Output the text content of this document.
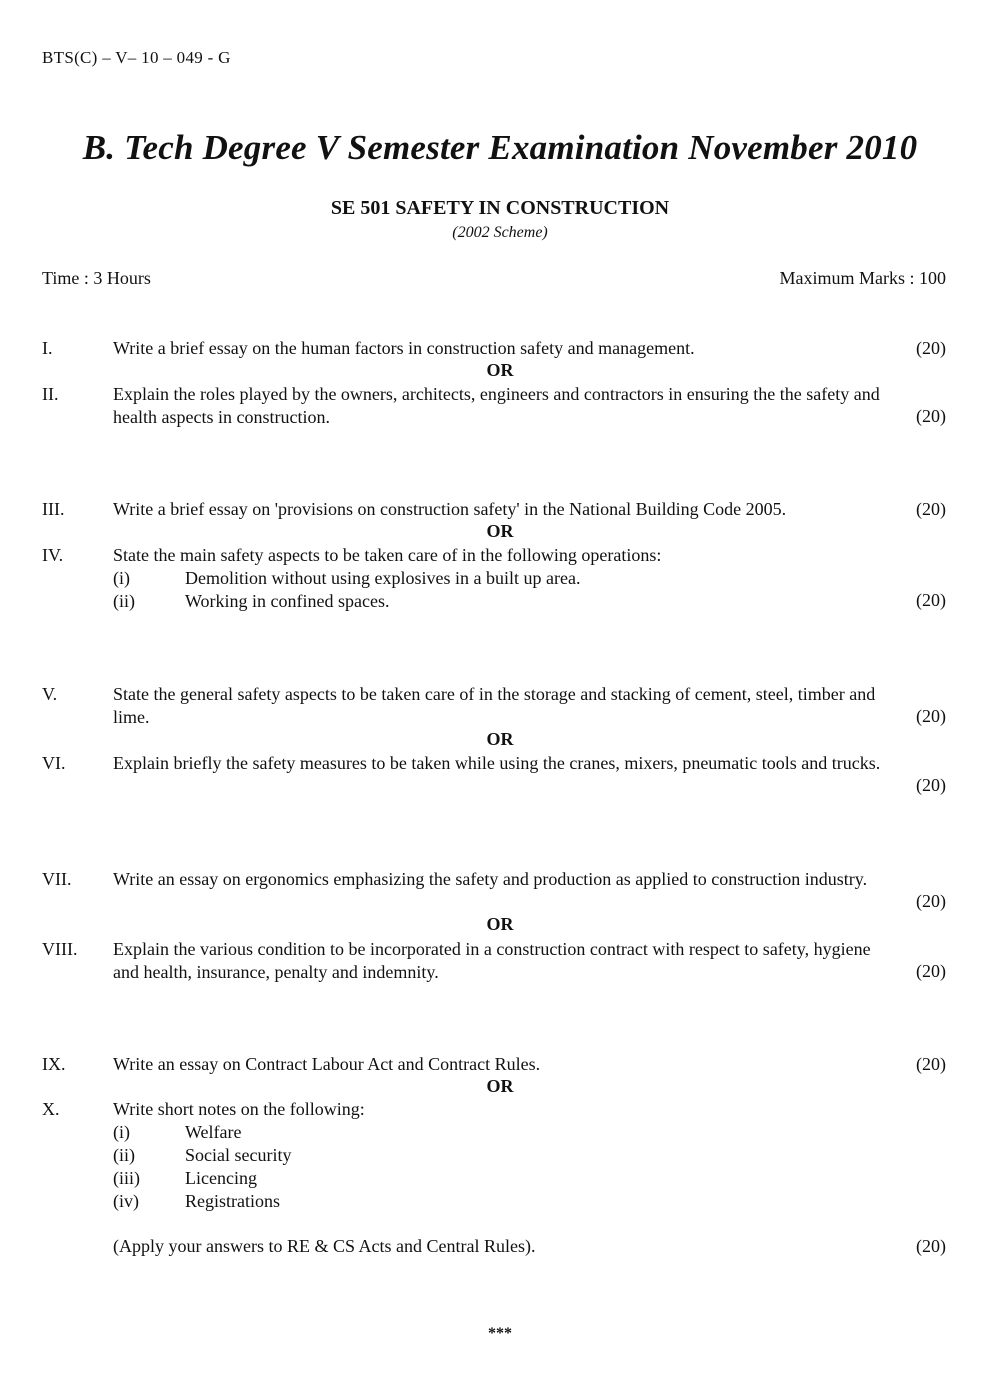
BTS(C) – V– 10 – 049 - G
B. Tech Degree V Semester Examination November 2010
SE 501 SAFETY IN CONSTRUCTION
(2002 Scheme)
Time : 3 Hours	Maximum Marks : 100
I.	Write a brief essay on the human factors in construction safety and management.	(20)
OR
II.	Explain the roles played by the owners, architects, engineers and contractors in ensuring the the safety and health aspects in construction.	(20)
III.	Write a brief essay on 'provisions on construction safety' in the National Building Code 2005.	(20)
OR
IV.	State the main safety aspects to be taken care of in the following operations:
(i)	Demolition without using explosives in a built up area.
(ii)	Working in confined spaces.	(20)
V.	State the general safety aspects to be taken care of in the storage and stacking of cement, steel, timber and lime.	(20)
OR
VI.	Explain briefly the safety measures to be taken while using the cranes, mixers, pneumatic tools and trucks.
(20)
VII. Write an essay on ergonomics emphasizing the safety and production as applied to construction industry.
(20)
OR
VIII. Explain the various condition to be incorporated in a construction contract with respect to safety, hygiene and health, insurance, penalty and indemnity.	(20)
IX.	Write an essay on Contract Labour Act and Contract Rules.	(20)
OR
X.	Write short notes on the following:
(i)	Welfare
(ii)	Social security
(iii)	Licencing
(iv)	Registrations
(Apply your answers to RE & CS Acts and Central Rules).	(20)
***
